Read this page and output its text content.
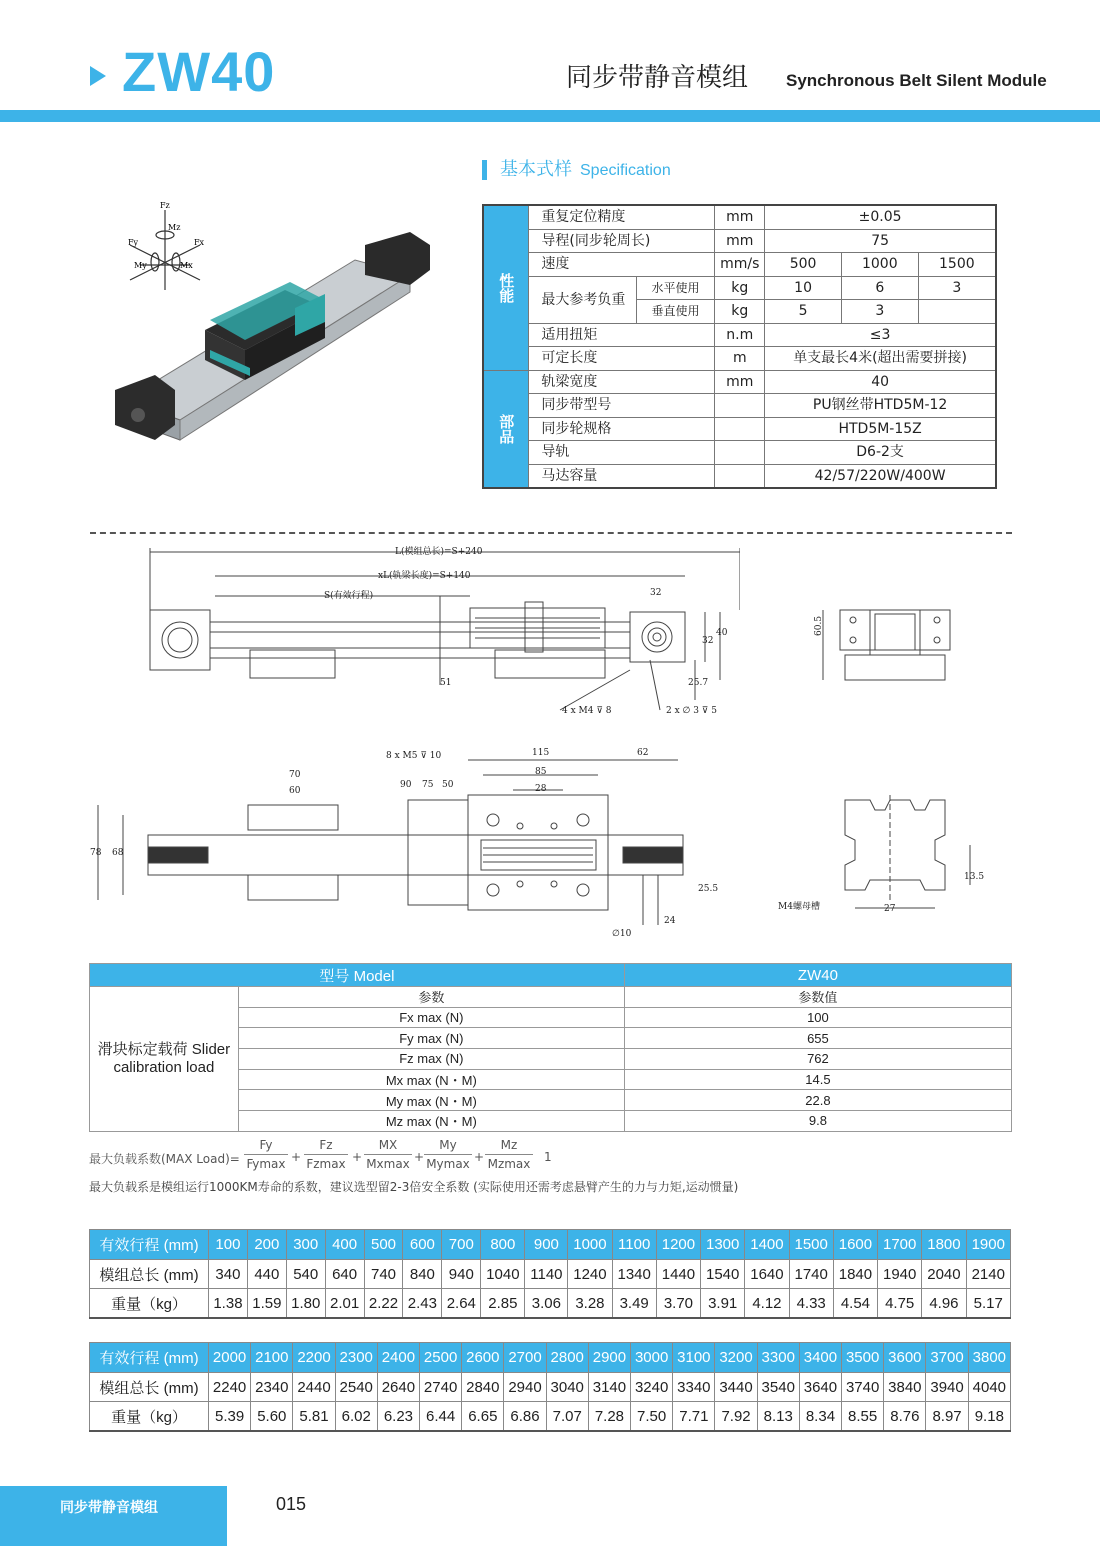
ZW40	同步带静音模组 Synchronous Belt Silent Module
Fz
Mz
Fy	Fx
My	Mx
基本式样 Specification
性能	重复定位精度		mm	±0.05		
	导程(同步轮周长)		mm	75		
	速度		mm/s	500	1000	1500
	最大参考负重	水平使用	kg	10	6	3
		垂直使用	kg	5	3	
	适用扭矩		n.m	≤3		
	可定长度		m	单支最长4米(超出需要拼接)		
部品	轨梁宽度		mm	40		
	同步带型号			PU钢丝带HTD5M-12		
	同步轮规格			HTD5M-15Z		
	导轨			D6-2支		
	马达容量			42/57/220W/400W		
L(模组总长)=S+240
xL(轨梁长度)=S+140
S(有效行程)	32
40
32
51	25.7
4 x M4 ⊽ 8	2 x ∅ 3 ⊽ 5
60.5
8 x M5 ⊽ 10	115	62
70
60
85
28
90 75 50
78 68
25.5
24
∅10
13.5
27
M4螺母槽
型号 Model		ZW40
滑块标定载荷 Slider calibration load	参数	参数值
	Fx max (N)	100
	Fy max (N)	655
	Fz max (N)	762
	Mx max (N・M)	14.5
	My max (N・M)	22.8
	Mz max (N・M)	9.8
最大负载系数(MAX Load)=
Fy
Fymax +
Fz
Fzmax +
MX
Mxmax +
My
Mymax +
Mz
Mzmax 1
最大负载系是模组运行1000KM寿命的系数，建议选型留2-3倍安全系数 (实际使用还需考虑悬臂产生的力与力矩,运动惯量)
有效行程 (mm)	100	200	300	400	500	600	700	800	900	1000	1100	1200	1300	1400	1500	1600	1700	1800	1900
模组总长 (mm)	340	440	540	640	740	840	940	1040	1140	1240	1340	1440	1540	1640	1740	1840	1940	2040	2140
重量（kg）	1.38	1.59	1.80	2.01	2.22	2.43	2.64	2.85	3.06	3.28	3.49	3.70	3.91	4.12	4.33	4.54	4.75	4.96	5.17
有效行程 (mm)	2000	2100	2200	2300	2400	2500	2600	2700	2800	2900	3000	3100	3200	3300	3400	3500	3600	3700	3800
模组总长 (mm)	2240	2340	2440	2540	2640	2740	2840	2940	3040	3140	3240	3340	3440	3540	3640	3740	3840	3940	4040
重量（kg）	5.39	5.60	5.81	6.02	6.23	6.44	6.65	6.86	7.07	7.28	7.50	7.71	7.92	8.13	8.34	8.55	8.76	8.97	9.18
同步带静音模组	015
